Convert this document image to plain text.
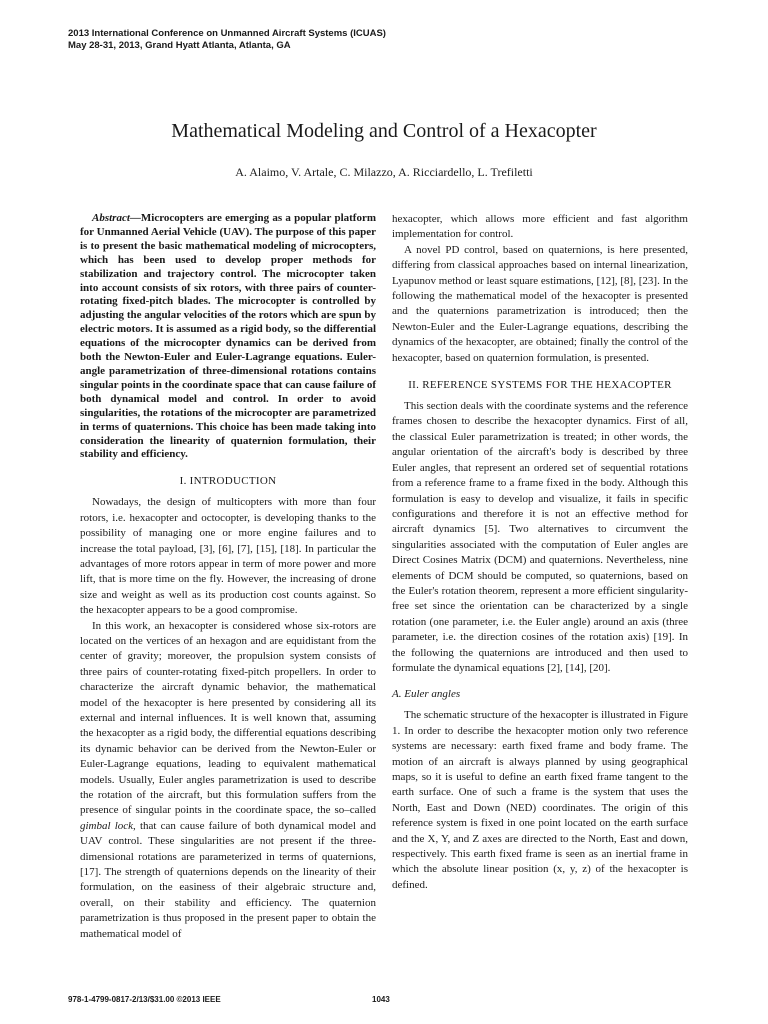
2013 International Conference on Unmanned Aircraft Systems (ICUAS)
May 28-31, 2013, Grand Hyatt Atlanta, Atlanta, GA
Mathematical Modeling and Control of a Hexacopter
A. Alaimo, V. Artale, C. Milazzo, A. Ricciardello, L. Trefiletti

Abstract—Microcopters are emerging as a popular platform for Unmanned Aerial Vehicle (UAV). The purpose of this paper is to present the basic mathematical modeling of microcopters, which has been used to develop proper methods for stabilization and trajectory control. The microcopter taken into account consists of six rotors, with three pairs of counter-rotating fixed-pitch blades. The microcopter is controlled by adjusting the angular velocities of the rotors which are spun by electric motors. It is assumed as a rigid body, so the differential equations of the microcopter dynamics can be derived from both the Newton-Euler and Euler-Lagrange equations. Euler-angle parametrization of three-dimensional rotations contains singular points in the coordinate space that can cause failure of both dynamical model and control. In order to avoid singularities, the rotations of the microcopter are parametrized in terms of quaternions. This choice has been made taking into consideration the linearity of quaternion formulation, their stability and efficiency.

I. INTRODUCTION

Nowadays, the design of multicopters with more than four rotors, i.e. hexacopter and octocopter, is developing thanks to the possibility of managing one or more engine failures and to increase the total payload, [3], [6], [7], [15], [18]. In particular the advantages of more rotors appear in term of more power and more lift, that is more time on the fly. However, the increasing of drone size and weight as well as its production cost counts against. So the hexacopter appears to be a good compromise.

In this work, an hexacopter is considered whose six-rotors are located on the vertices of an hexagon and are equidistant from the center of gravity; moreover, the propulsion system consists of three pairs of counter-rotating fixed-pitch propellers. In order to characterize the aircraft dynamic behavior, the mathematical model of the hexacopter is here presented by considering all its external and internal influences. It is well known that, assuming the hexacopter as a rigid body, the differential equations describing its dynamic behavior can be derived from the Newton-Euler or Euler-Lagrange equations, leading to equivalent mathematical models. Usually, Euler angles parametrization is used to describe the rotation of the aircraft, but this formulation suffers from the presence of singular points in the coordinate space, the so–called gimbal lock, that can cause failure of both dynamical model and UAV control. These singularities are not present if the three-dimensional rotations are parameterized in terms of quaternions, [17]. The strength of quaternions depends on the linearity of their formulation, on the easiness of their algebraic structure and, overall, on their stability and efficiency. The quaternion parametrization is thus proposed in the present paper to obtain the mathematical model of

hexacopter, which allows more efficient and fast algorithm implementation for control.

A novel PD control, based on quaternions, is here presented, differing from classical approaches based on internal linearization, Lyapunov method or least square estimations, [12], [8], [23]. In the following the mathematical model of the hexacopter is presented and the quaternions parametrization is introduced; then the Newton-Euler and the Euler-Lagrange equations, describing the dynamics of the hexacopter, are obtained; finally the control of the hexacopter, based on quaternion formulation, is presented.

II. REFERENCE SYSTEMS FOR THE HEXACOPTER

This section deals with the coordinate systems and the reference frames chosen to describe the hexacopter dynamics. First of all, the classical Euler parametrization is treated; in other words, the angular orientation of the aircraft's body is described by three Euler angles, that represent an ordered set of sequential rotations from a reference frame to a frame fixed in the body. Although this formulation is easy to develop and visualize, it fails in specific configurations and therefore it is not an effective method for aircraft dynamics [5]. Two alternatives to circumvent the singularities associated with the computation of Euler angles are Direct Cosines Matrix (DCM) and quaternions. Nevertheless, nine elements of DCM should be computed, so quaternions, based on the Euler's rotation theorem, represent a more efficient singularity-free set since the orientation can be characterized by a single rotation (one parameter, i.e. the Euler angle) around an axis (three parameter, i.e. the direction cosines of the rotation axis) [19]. In the following the quaternions are introduced and then used to formulate the dynamical equations [2], [14], [20].

A. Euler angles

The schematic structure of the hexacopter is illustrated in Figure 1. In order to describe the hexacopter motion only two reference systems are necessary: earth fixed frame and body frame. The motion of an aircraft is always planned by using geographical maps, so it is useful to define an earth fixed frame tangent to the earth surface. One of such a frame is the system that uses the North, East and Down (NED) coordinates. The origin of this reference system is fixed in one point located on the earth surface and the X, Y, and Z axes are directed to the North, East and down, respectively. This earth fixed frame is seen as an inertial frame in which the absolute linear position (x, y, z) of the hexacopter is defined.

978-1-4799-0817-2/13/$31.00 ©2013 IEEE	1043
